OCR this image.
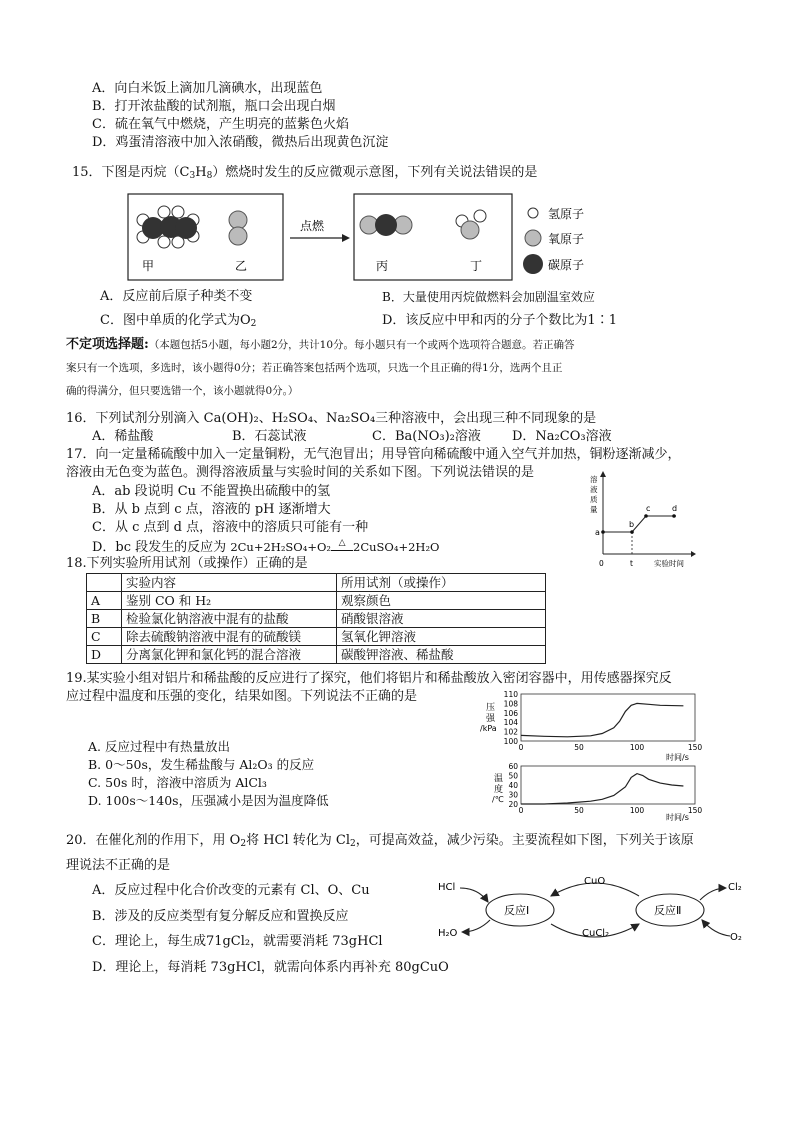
A．向白米饭上滴加几滴碘水，出现蓝色
B．打开浓盐酸的试剂瓶，瓶口会出现白烟
C．硫在氧气中燃烧，产生明亮的蓝紫色火焰
D．鸡蛋清溶液中加入浓硝酸，微热后出现黄色沉淀
15．下图是丙烷$(C_3H_8)$燃烧时发生的反应微观示意图，下列有关说法错误的是
甲	乙
点燃
丙	丁
氢原子
氧原子
碳原子
A．反应前后原子种类不变	B．大量使用丙烷做燃料会加剧温室效应
C．图中单质的化学式为$O_2$	D．该反应中甲和丙的分子个数比为1∶1
不定项选择题:（本题包括5小题，每小题2分，共计10分。每小题只有一个或两个选项符合题意。若正确答
案只有一个选项，多选时，该小题得0分；若正确答案包括两个选项，只选一个且正确的得1分，选两个且正
确的得满分，但只要选错一个，该小题就得0分。）
16．下列试剂分别滴入 Ca(OH)₂、H₂SO₄、Na₂SO₄三种溶液中，会出现三种不同现象的是
A．稀盐酸	B．石蕊试液	C．Ba(NO₃)₂溶液 D．Na₂CO₃溶液
17．向一定量稀硫酸中加入一定量铜粉，无气泡冒出；用导管向稀硫酸中通入空气并加热，铜粉逐渐减少，
溶液由无色变为蓝色。测得溶液质量与实验时间的关系如下图。下列说法错误的是
A．ab 段说明 Cu 不能置换出硫酸中的氢
B．从 b 点到 c 点，溶液的 pH 逐渐增大
C．从 c 点到 d 点，溶液中的溶质只可能有一种
D．bc 段发生的反应为 2Cu+2H₂SO₄+O₂ △ 2CuSO₄+2H₂O
溶
液
质
量
a
b
c	d
0	t	实验时间
18.下列实验所用试剂（或操作）正确的是
	实验内容	所用试剂（或操作）
A	鉴别 CO 和 H₂	观察颜色
B	检验氯化钠溶液中混有的盐酸	硝酸银溶液
C	除去硫酸钠溶液中混有的硫酸镁	氢氧化钾溶液
D	分离氯化钾和氯化钙的混合溶液	碳酸钾溶液、稀盐酸
19.某实验小组对铝片和稀盐酸的反应进行了探究，他们将铝片和稀盐酸放入密闭容器中，用传感器探究反
应过程中温度和压强的变化，结果如图。下列说法不正确的是
A. 反应过程中有热量放出
B. 0～50s，发生稀盐酸与 Al₂O₃ 的反应
C. 50s 时，溶液中溶质为 AlCl₃
D. 100s～140s，压强减小是因为温度降低
压
强
/kPa
100
102
104
106
108
110
0	50	100	150
时间/s
温
度
/℃
20
30
40
50
60
0	50	100	150
时间/s
20．在催化剂的作用下，用 $O_2$将 HCl 转化为 $Cl_2$，可提高效益，减少污染。主要流程如下图，下列关于该原
理说法不正确的是
A．反应过程中化合价改变的元素有 Cl、O、Cu
B．涉及的反应类型有复分解反应和置换反应
C．理论上，每生成71gCl₂，就需要消耗 73gHCl
D．理论上，每消耗 73gHCl，就需向体系内再补充 80gCuO
反应Ⅰ	反应Ⅱ
CuO
CuCl₂
HCl
H₂O
Cl₂
O₂
